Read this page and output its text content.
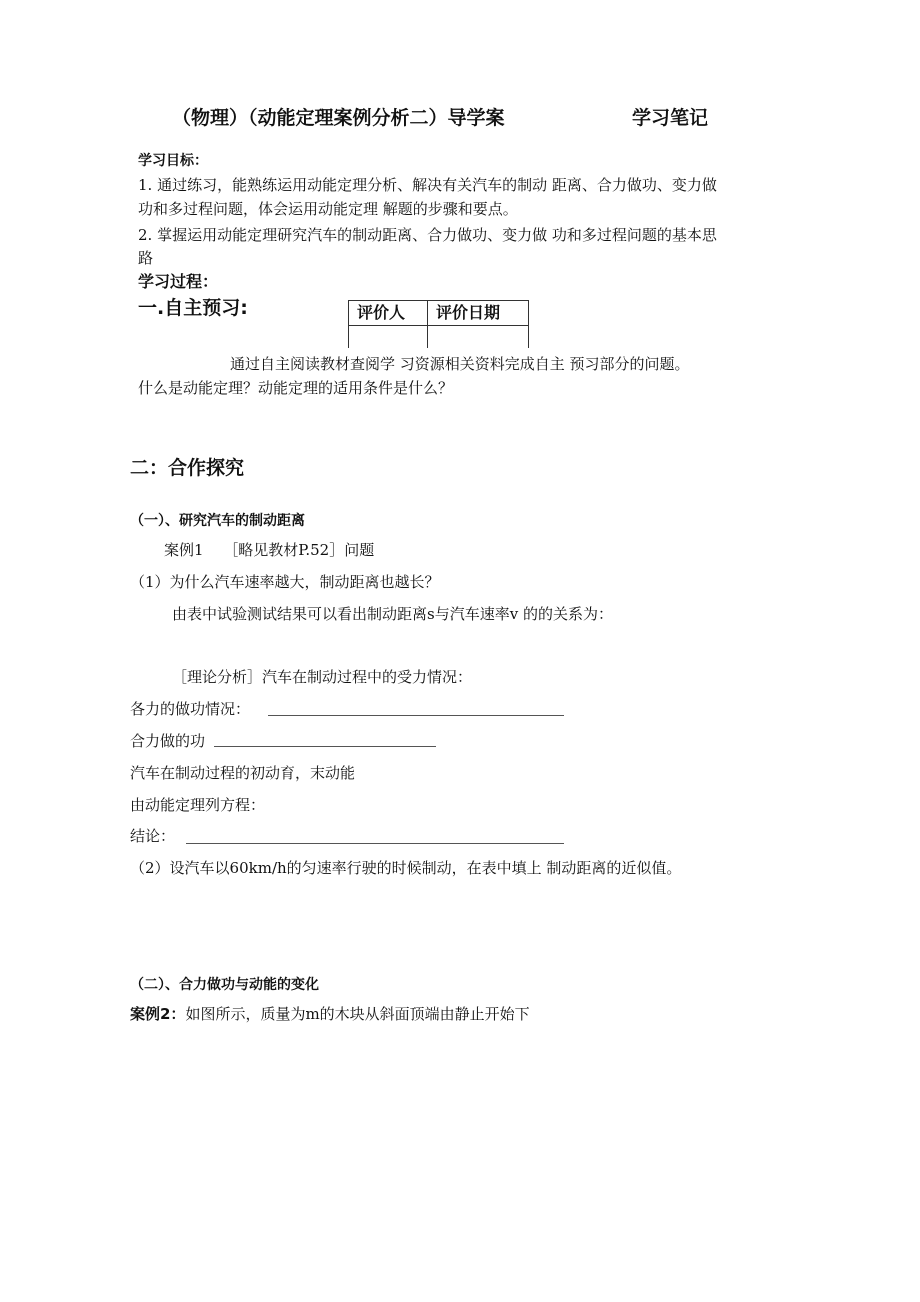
（物理）（动能定理案例分析二）导学案	学习笔记
学习目标：
1. 通过练习，能熟练运用动能定理分析、解决有关汽车的制动 距离、合力做功、变力做
功和多过程问题，体会运用动能定理 解题的步骤和要点。
2. 掌握运用动能定理研究汽车的制动距离、合力做功、变力做 功和多过程问题的基本思
路
学习过程：
一.自主预习:	评价人	评价日期

通过自主阅读教材查阅学 习资源相关资料完成自主 预习部分的问题。
什么是动能定理？动能定理的适用条件是什么？
二：合作探究
（一）、研究汽车的制动距离
案例1　 ［略见教材P.52］问题
（1）为什么汽车速率越大，制动距离也越长？
由表中试验测试结果可以看出制动距离s与汽车速率v 的的关系为：
［理论分析］汽车在制动过程中的受力情况：
各力的做功情况：
合力做的功
汽车在制动过程的初动育，末动能
由动能定理列方程：
结论：
（2）设汽车以60km/h的匀速率行驶的时候制动，在表中填上 制动距离的近似值。
（二）、合力做功与动能的变化
案例2：如图所示，质量为m的木块从斜面顶端由静止开始下
